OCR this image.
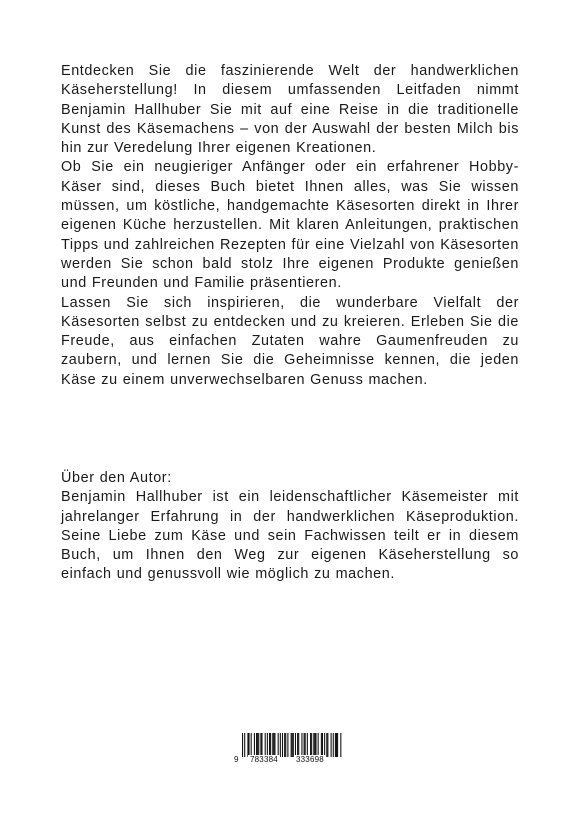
Entdecken Sie die faszinierende Welt der handwerklichen Käseherstellung! In diesem umfassenden Leitfaden nimmt Benjamin Hallhuber Sie mit auf eine Reise in die traditionelle Kunst des Käsemachens – von der Auswahl der besten Milch bis hin zur Veredelung Ihrer eigenen Kreationen.

Ob Sie ein neugieriger Anfänger oder ein erfahrener Hobby-Käser sind, dieses Buch bietet Ihnen alles, was Sie wissen müssen, um köstliche, handgemachte Käsesorten direkt in Ihrer eigenen Küche herzustellen. Mit klaren Anleitungen, praktischen Tipps und zahlreichen Rezepten für eine Vielzahl von Käsesorten werden Sie schon bald stolz Ihre eigenen Produkte genießen und Freunden und Familie präsentieren.

Lassen Sie sich inspirieren, die wunderbare Vielfalt der Käsesorten selbst zu entdecken und zu kreieren. Erleben Sie die Freude, aus einfachen Zutaten wahre Gaumenfreuden zu zaubern, und lernen Sie die Geheimnisse kennen, die jeden Käse zu einem unverwechselbaren Genuss machen.

Über den Autor:

Benjamin Hallhuber ist ein leidenschaftlicher Käsemeister mit jahrelanger Erfahrung in der handwerklichen Käseproduktion. Seine Liebe zum Käse und sein Fachwissen teilt er in diesem Buch, um Ihnen den Weg zur eigenen Käseherstellung so einfach und genussvoll wie möglich zu machen.

9 783384 333698
